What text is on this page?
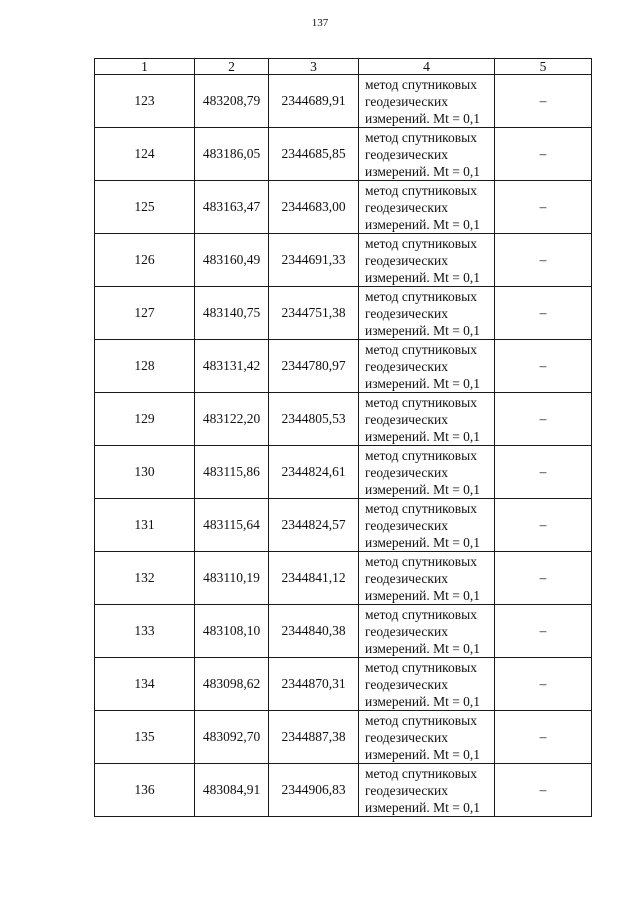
137
1	2	3	4	5
123	483208,79	2344689,91	метод спутниковых
геодезических
измерений. Mt = 0,1	–
124	483186,05	2344685,85	метод спутниковых
геодезических
измерений. Mt = 0,1	–
125	483163,47	2344683,00	метод спутниковых
геодезических
измерений. Mt = 0,1	–
126	483160,49	2344691,33	метод спутниковых
геодезических
измерений. Mt = 0,1	–
127	483140,75	2344751,38	метод спутниковых
геодезических
измерений. Mt = 0,1	–
128	483131,42	2344780,97	метод спутниковых
геодезических
измерений. Mt = 0,1	–
129	483122,20	2344805,53	метод спутниковых
геодезических
измерений. Mt = 0,1	–
130	483115,86	2344824,61	метод спутниковых
геодезических
измерений. Mt = 0,1	–
131	483115,64	2344824,57	метод спутниковых
геодезических
измерений. Mt = 0,1	–
132	483110,19	2344841,12	метод спутниковых
геодезических
измерений. Mt = 0,1	–
133	483108,10	2344840,38	метод спутниковых
геодезических
измерений. Mt = 0,1	–
134	483098,62	2344870,31	метод спутниковых
геодезических
измерений. Mt = 0,1	–
135	483092,70	2344887,38	метод спутниковых
геодезических
измерений. Mt = 0,1	–
136	483084,91	2344906,83	метод спутниковых
геодезических
измерений. Mt = 0,1	–
